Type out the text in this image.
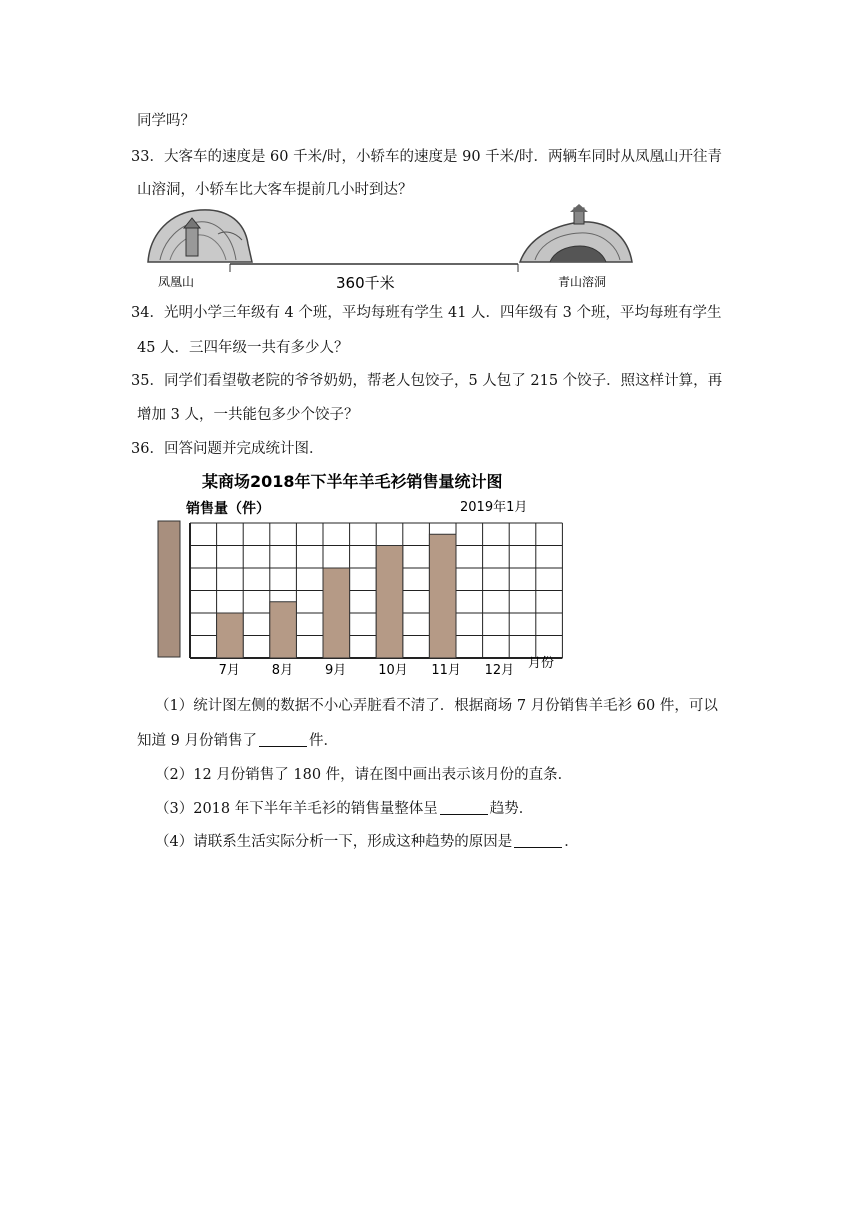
同学吗？
33．大客车的速度是 60 千米/时，小轿车的速度是 90 千米/时．两辆车同时从凤凰山开往青
山溶洞，小轿车比大客车提前几小时到达？
凤凰山	360千米	青山溶洞
34．光明小学三年级有 4 个班，平均每班有学生 41 人．四年级有 3 个班，平均每班有学生
45 人．三四年级一共有多少人？
35．同学们看望敬老院的爷爷奶奶，帮老人包饺子，5 人包了 215 个饺子．照这样计算，再
增加 3 人，一共能包多少个饺子？
36．回答问题并完成统计图．
某商场2018年下半年羊毛衫销售量统计图
销售量（件）	2019年1月
7月 8月 9月 10月 11月 12月 月份
（1）统计图左侧的数据不小心弄脏看不清了．根据商场 7 月份销售羊毛衫 60 件，可以
知道 9 月份销售了	件．
（2）12 月份销售了 180 件，请在图中画出表示该月份的直条．
（3）2018 年下半年羊毛衫的销售量整体呈	趋势．
（4）请联系生活实际分析一下，形成这种趋势的原因是	．
